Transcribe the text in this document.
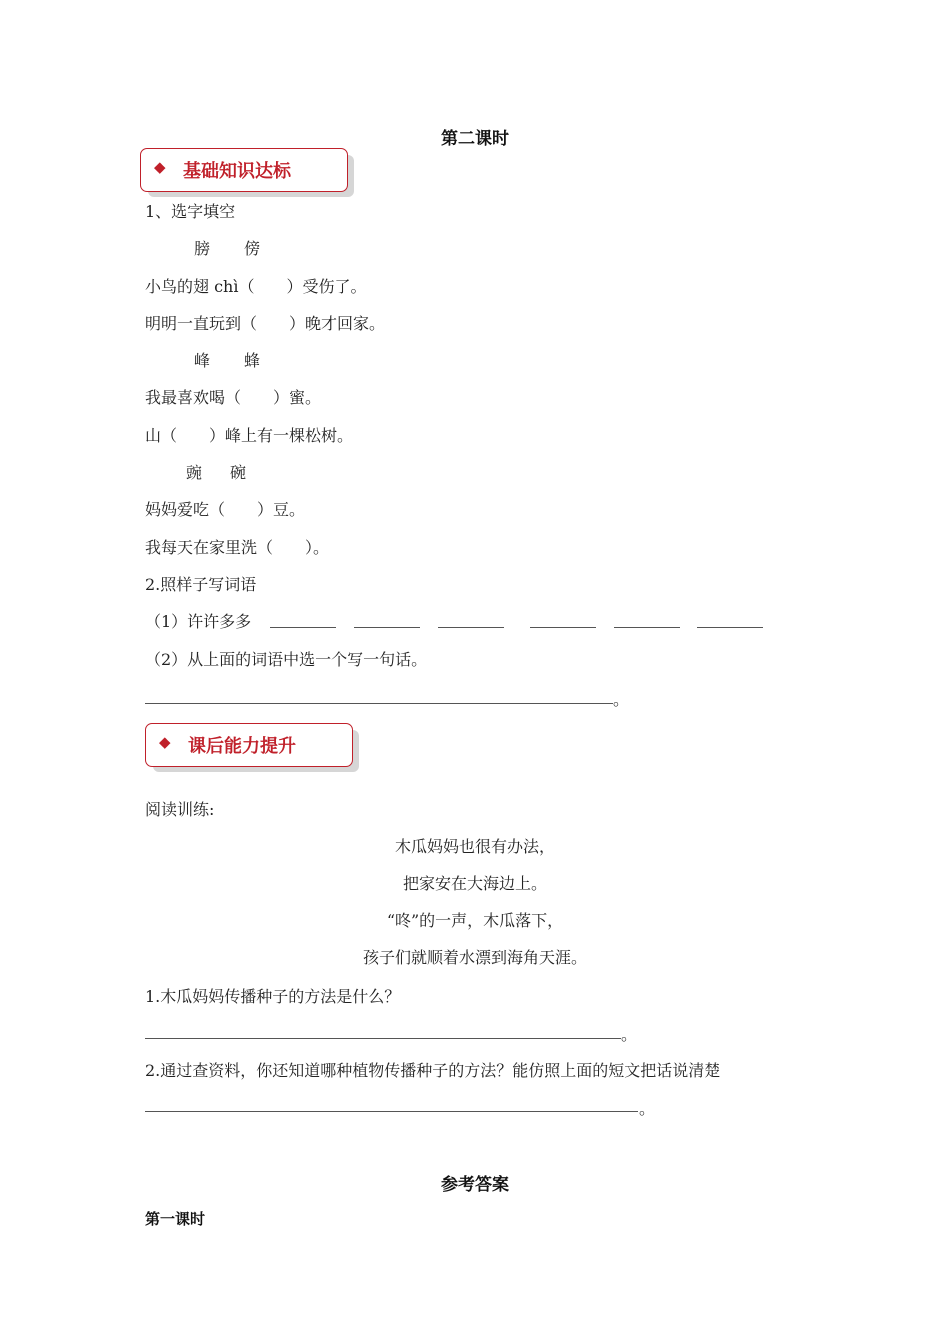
第二课时
◆ 基础知识达标
1、选字填空
膀 傍
小鸟的翅 chì（　　）受伤了。
明明一直玩到（　　）晚才回家。
峰 蜂
我最喜欢喝（　　）蜜。
山（　　）峰上有一棵松树。
豌 碗
妈妈爱吃（　　）豆。
我每天在家里洗（　　）。
2.照样子写词语
（1）许许多多
（2）从上面的词语中选一个写一句话。
。
◆ 课后能力提升
阅读训练:
木瓜妈妈也很有办法，
把家安在大海边上。
“咚”的一声，木瓜落下，
孩子们就顺着水漂到海角天涯。
1.木瓜妈妈传播种子的方法是什么？
。
2.通过查资料，你还知道哪种植物传播种子的方法？能仿照上面的短文把话说清楚
。
参考答案
第一课时
